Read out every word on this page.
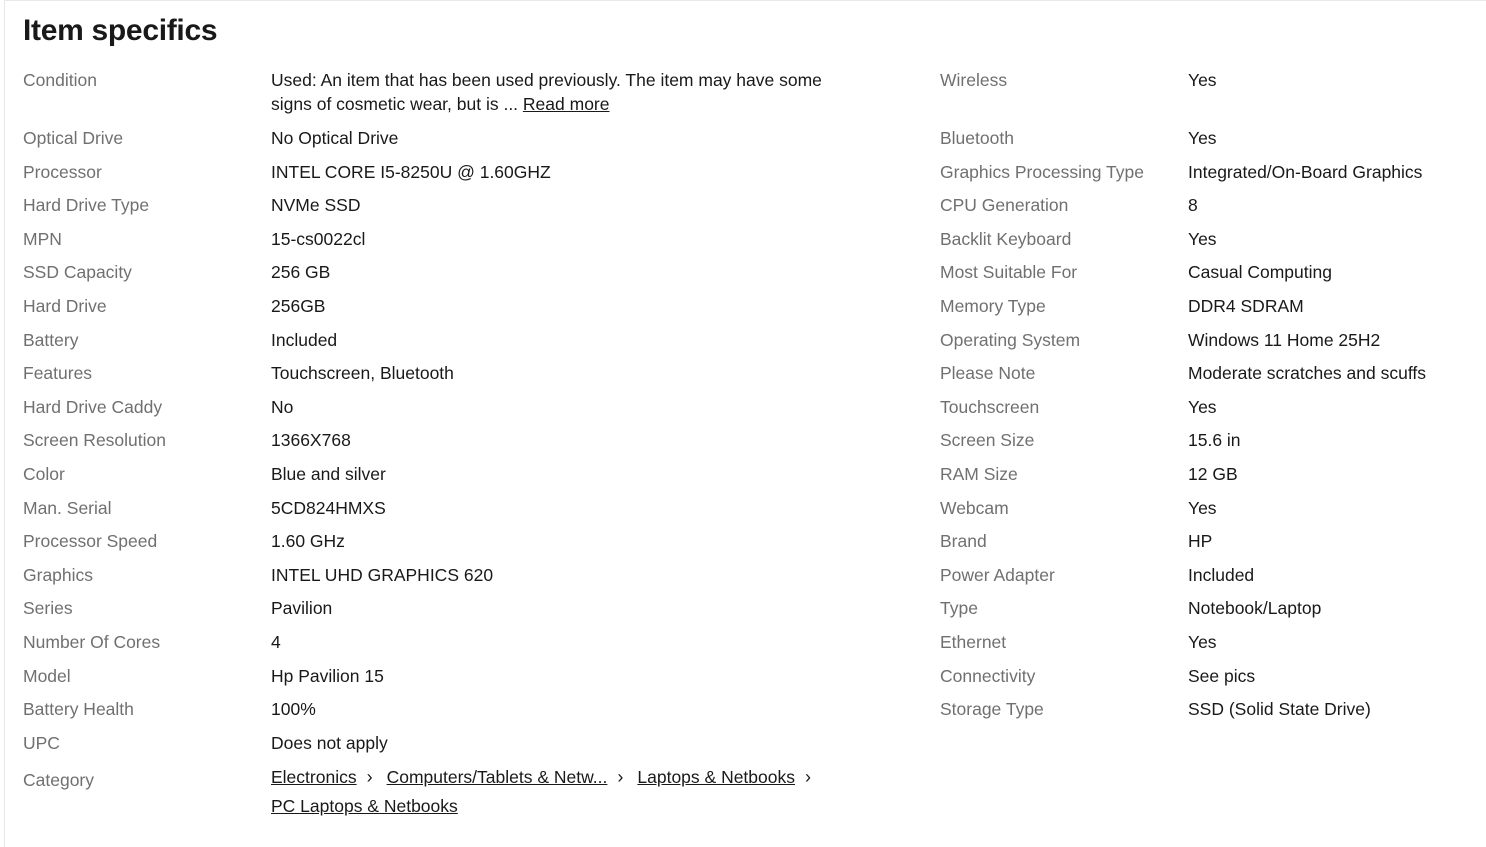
Item specifics
Condition	Used: An item that has been used previously. The item may have some signs of cosmetic wear, but is ... Read more
Optical Drive	No Optical Drive
Processor	INTEL CORE I5-8250U @ 1.60GHZ
Hard Drive Type	NVMe SSD
MPN	15-cs0022cl
SSD Capacity	256 GB
Hard Drive	256GB
Battery	Included
Features	Touchscreen, Bluetooth
Hard Drive Caddy	No
Screen Resolution	1366X768
Color	Blue and silver
Man. Serial	5CD824HMXS
Processor Speed	1.60 GHz
Graphics	INTEL UHD GRAPHICS 620
Series	Pavilion
Number Of Cores	4
Model	Hp Pavilion 15
Battery Health	100%
UPC	Does not apply
Category	Electronics › Computers/Tablets & Netw... › Laptops & Netbooks ›
PC Laptops & Netbooks
Wireless	Yes
Bluetooth	Yes
Graphics Processing Type	Integrated/On-Board Graphics
CPU Generation	8
Backlit Keyboard	Yes
Most Suitable For	Casual Computing
Memory Type	DDR4 SDRAM
Operating System	Windows 11 Home 25H2
Please Note	Moderate scratches and scuffs
Touchscreen	Yes
Screen Size	15.6 in
RAM Size	12 GB
Webcam	Yes
Brand	HP
Power Adapter	Included
Type	Notebook/Laptop
Ethernet	Yes
Connectivity	See pics
Storage Type	SSD (Solid State Drive)
